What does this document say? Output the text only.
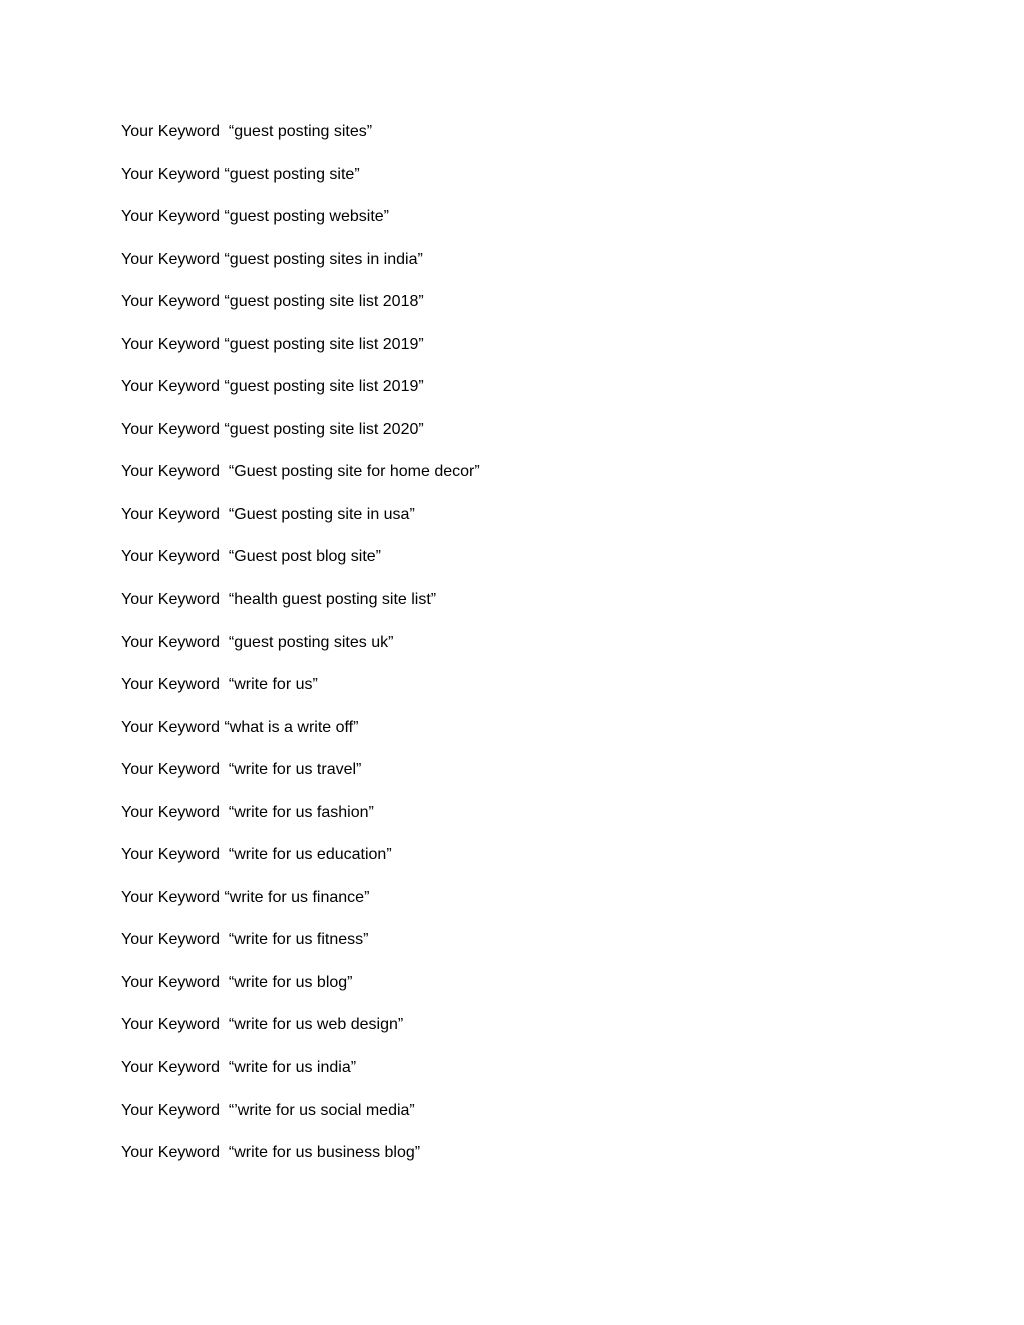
Your Keyword  “guest posting sites”
Your Keyword “guest posting site”
Your Keyword “guest posting website”
Your Keyword “guest posting sites in india”
Your Keyword “guest posting site list 2018”
Your Keyword “guest posting site list 2019”
Your Keyword “guest posting site list 2019”
Your Keyword “guest posting site list 2020”
Your Keyword  “Guest posting site for home decor”
Your Keyword  “Guest posting site in usa”
Your Keyword  “Guest post blog site”
Your Keyword  “health guest posting site list”
Your Keyword  “guest posting sites uk”
Your Keyword  “write for us”
Your Keyword “what is a write off”
Your Keyword  “write for us travel”
Your Keyword  “write for us fashion”
Your Keyword  “write for us education”
Your Keyword “write for us finance”
Your Keyword  “write for us fitness”
Your Keyword  “write for us blog”
Your Keyword  “write for us web design”
Your Keyword  “write for us india”
Your Keyword  “’write for us social media”
Your Keyword  “write for us business blog”
